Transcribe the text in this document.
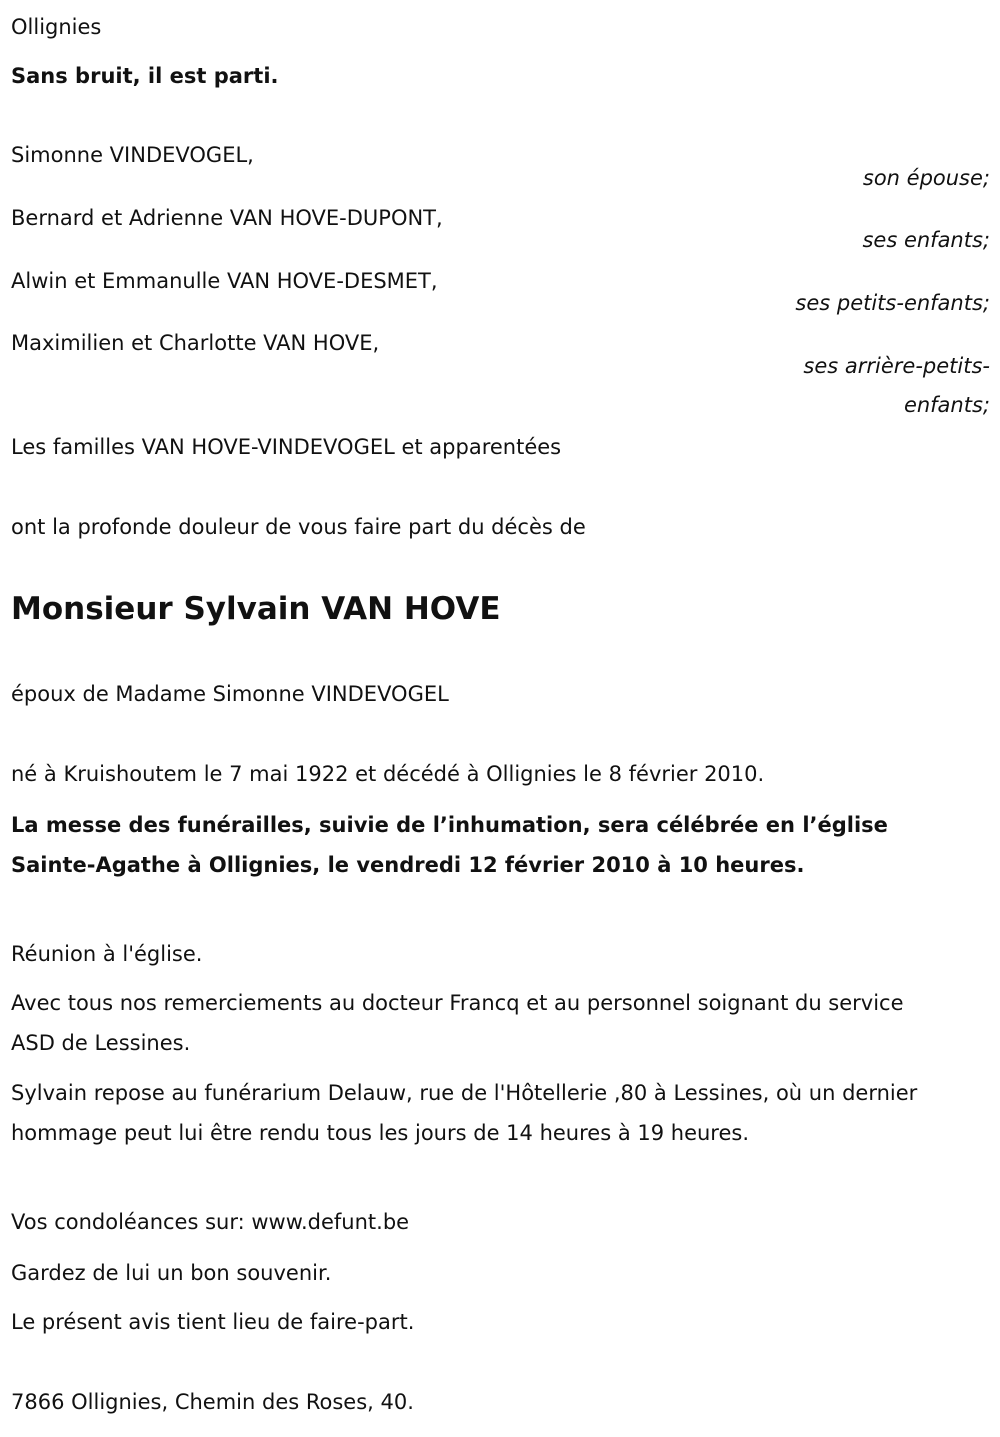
Ollignies
Sans bruit, il est parti.
Simonne VINDEVOGEL,
son épouse;
Bernard et Adrienne VAN HOVE-DUPONT,
ses enfants;
Alwin et Emmanulle VAN HOVE-DESMET,
ses petits-enfants;
Maximilien et Charlotte VAN HOVE,
ses arrière-petits-
enfants;
Les familles VAN HOVE-VINDEVOGEL et apparentées
ont la profonde douleur de vous faire part du décès de
Monsieur Sylvain VAN HOVE
époux de Madame Simonne VINDEVOGEL
né à Kruishoutem le 7 mai 1922 et décédé à Ollignies le 8 février 2010.
La messe des funérailles, suivie de l’inhumation, sera célébrée en l’église Sainte-Agathe à Ollignies, le vendredi 12 février 2010 à 10 heures.
Réunion à l'église.
Avec tous nos remerciements au docteur Francq et au personnel soignant du service ASD de Lessines.
Sylvain repose au funérarium Delauw, rue de l'Hôtellerie ,80 à Lessines, où un dernier hommage peut lui être rendu tous les jours de 14 heures à 19 heures.
Vos condoléances sur: www.defunt.be
Gardez de lui un bon souvenir.
Le présent avis tient lieu de faire-part.
7866 Ollignies, Chemin des Roses, 40.
